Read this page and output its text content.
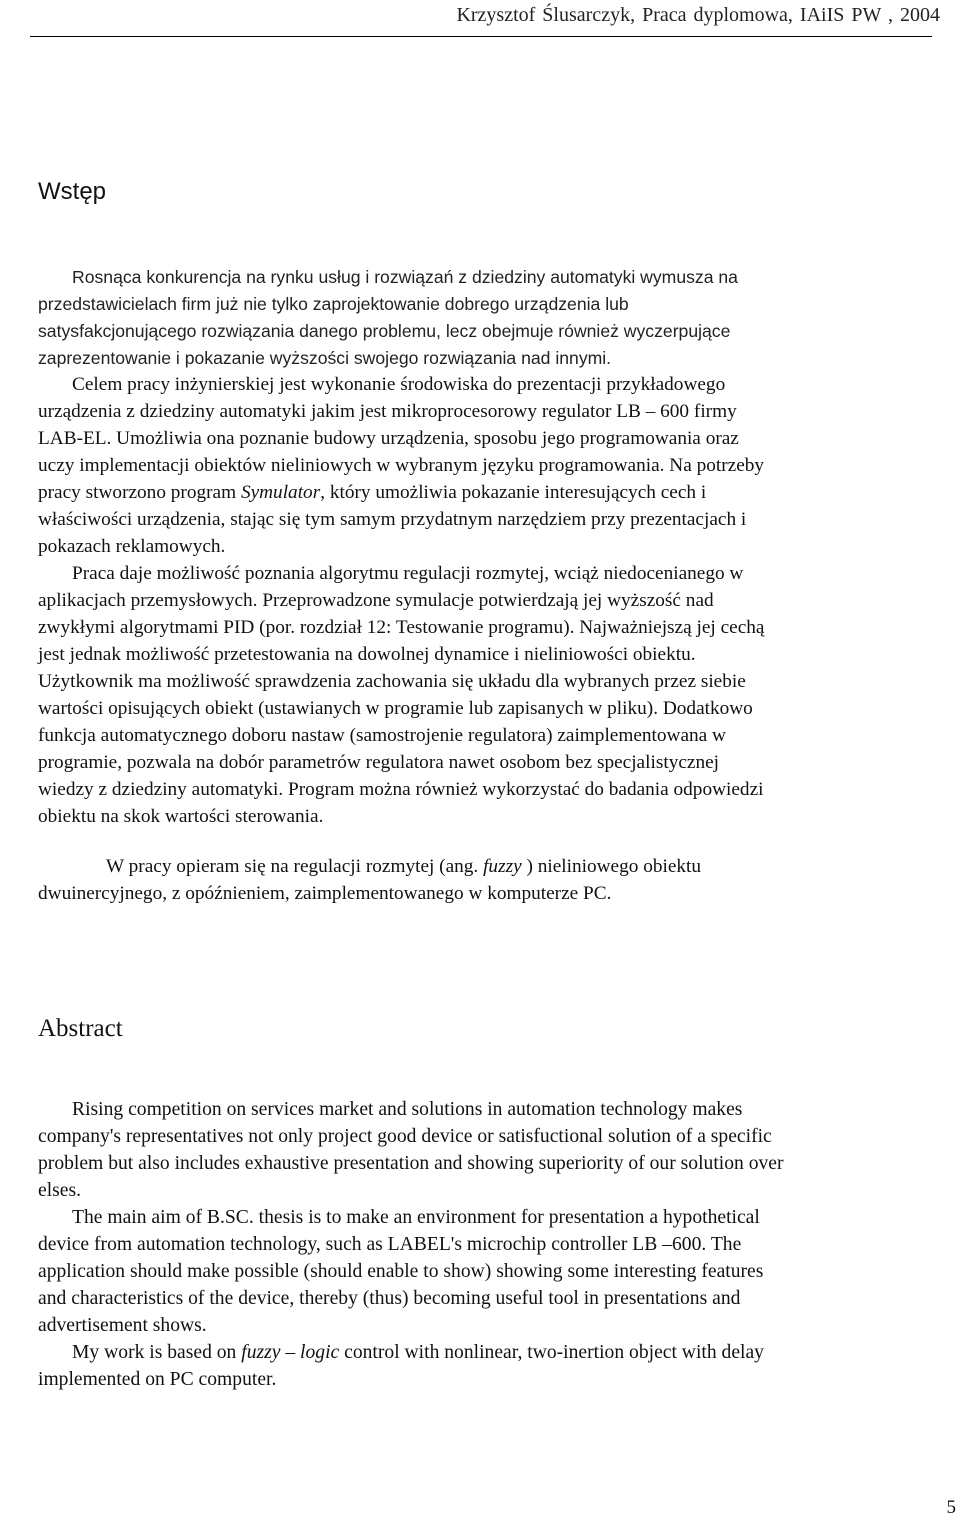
Krzysztof Ślusarczyk, Praca dyplomowa, IAiIS PW , 2004
Wstęp
Rosnąca konkurencja na rynku usług i rozwiązań z dziedziny automatyki wymusza na
przedstawicielach firm już nie tylko zaprojektowanie dobrego urządzenia lub
satysfakcjonującego rozwiązania danego problemu, lecz obejmuje również wyczerpujące
zaprezentowanie i pokazanie wyższości swojego rozwiązania nad innymi.
Celem pracy inżynierskiej jest wykonanie środowiska do prezentacji przykładowego
urządzenia z dziedziny automatyki jakim jest mikroprocesorowy regulator LB – 600 firmy
LAB-EL. Umożliwia ona poznanie budowy urządzenia, sposobu jego programowania oraz
uczy implementacji obiektów nieliniowych w wybranym języku programowania. Na potrzeby
pracy stworzono program Symulator, który umożliwia pokazanie interesujących cech i
właściwości urządzenia, stając się tym samym przydatnym narzędziem przy prezentacjach i
pokazach reklamowych.
Praca daje możliwość poznania algorytmu regulacji rozmytej, wciąż niedocenianego w
aplikacjach przemysłowych. Przeprowadzone symulacje potwierdzają jej wyższość nad
zwykłymi algorytmami PID (por. rozdział 12: Testowanie programu). Najważniejszą jej cechą
jest jednak możliwość przetestowania na dowolnej dynamice i nieliniowości obiektu.
Użytkownik ma możliwość sprawdzenia zachowania się układu dla wybranych przez siebie
wartości opisujących obiekt (ustawianych w programie lub zapisanych w pliku). Dodatkowo
funkcja automatycznego doboru nastaw (samostrojenie regulatora) zaimplementowana w
programie, pozwala na dobór parametrów regulatora nawet osobom bez specjalistycznej
wiedzy z dziedziny automatyki. Program można również wykorzystać do badania odpowiedzi
obiektu na skok wartości sterowania.
W pracy opieram się na regulacji rozmytej (ang. fuzzy ) nieliniowego obiektu
dwuinercyjnego, z opóźnieniem, zaimplementowanego w komputerze PC.
Abstract
Rising competition on services market and solutions in automation technology makes
company's representatives not only project good device or satisfuctional solution of a specific
problem but also includes exhaustive presentation and showing superiority of our solution over
elses.
The main aim of B.SC. thesis is to make an environment for presentation a hypothetical
device from automation technology, such as LABEL's microchip controller LB –600. The
application should make possible (should enable to show) showing some interesting features
and characteristics of the device, thereby (thus) becoming useful tool in presentations and
advertisement shows.
My work is based on fuzzy – logic control with nonlinear, two-inertion object with delay
implemented on PC computer.
5
